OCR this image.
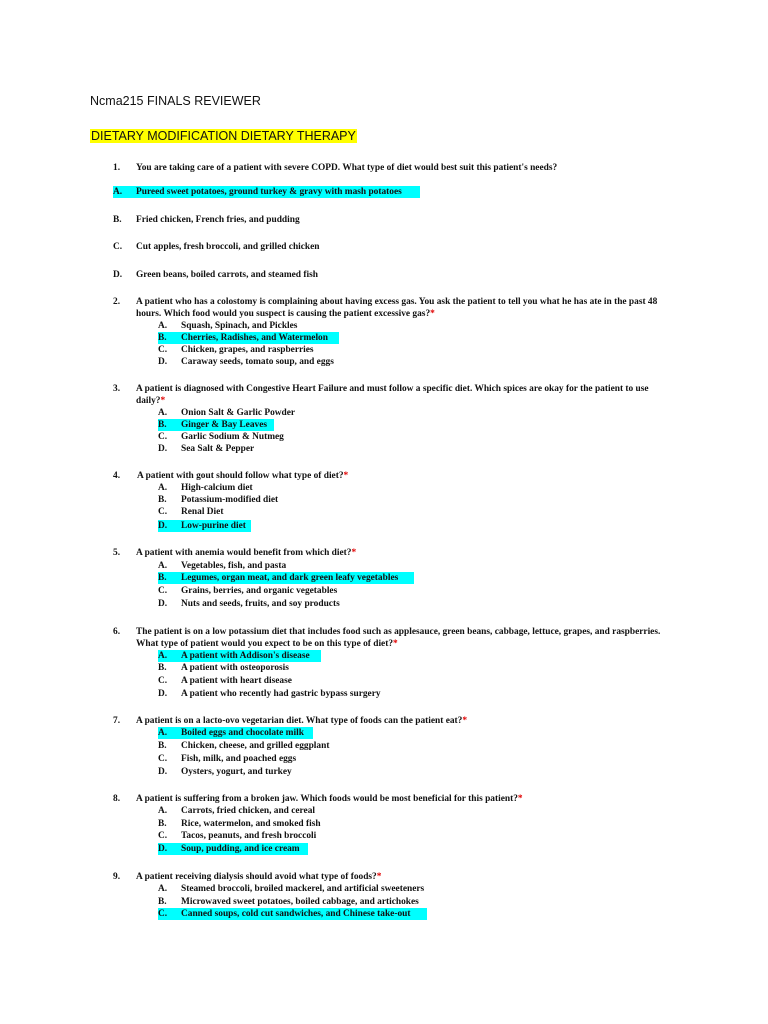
Ncma215 FINALS REVIEWER
DIETARY MODIFICATION DIETARY THERAPY
1. You are taking care of a patient with severe COPD. What type of diet would best suit this patient's needs?
A. Pureed sweet potatoes, ground turkey & gravy with mash potatoes
B. Fried chicken, French fries, and pudding
C. Cut apples, fresh broccoli, and grilled chicken
D. Green beans, boiled carrots, and steamed fish
2. A patient who has a colostomy is complaining about having excess gas. You ask the patient to tell you what he has ate in the past 48 hours. Which food would you suspect is causing the patient excessive gas?*
A. Squash, Spinach, and Pickles
B. Cherries, Radishes, and Watermelon
C. Chicken, grapes, and raspberries
D. Caraway seeds, tomato soup, and eggs
3. A patient is diagnosed with Congestive Heart Failure and must follow a specific diet. Which spices are okay for the patient to use daily?*
A. Onion Salt & Garlic Powder
B. Ginger & Bay Leaves
C. Garlic Sodium & Nutmeg
D. Sea Salt & Pepper
4. A patient with gout should follow what type of diet?*
A. High-calcium diet
B. Potassium-modified diet
C. Renal Diet
D. Low-purine diet
5. A patient with anemia would benefit from which diet?*
A. Vegetables, fish, and pasta
B. Legumes, organ meat, and dark green leafy vegetables
C. Grains, berries, and organic vegetables
D. Nuts and seeds, fruits, and soy products
6. The patient is on a low potassium diet that includes food such as applesauce, green beans, cabbage, lettuce, grapes, and raspberries. What type of patient would you expect to be on this type of diet?*
A. A patient with Addison's disease
B. A patient with osteoporosis
C. A patient with heart disease
D. A patient who recently had gastric bypass surgery
7. A patient is on a lacto-ovo vegetarian diet. What type of foods can the patient eat?*
A. Boiled eggs and chocolate milk
B. Chicken, cheese, and grilled eggplant
C. Fish, milk, and poached eggs
D. Oysters, yogurt, and turkey
8. A patient is suffering from a broken jaw. Which foods would be most beneficial for this patient?*
A. Carrots, fried chicken, and cereal
B. Rice, watermelon, and smoked fish
C. Tacos, peanuts, and fresh broccoli
D. Soup, pudding, and ice cream
9. A patient receiving dialysis should avoid what type of foods?*
A. Steamed broccoli, broiled mackerel, and artificial sweeteners
B. Microwaved sweet potatoes, boiled cabbage, and artichokes
C. Canned soups, cold cut sandwiches, and Chinese take-out
